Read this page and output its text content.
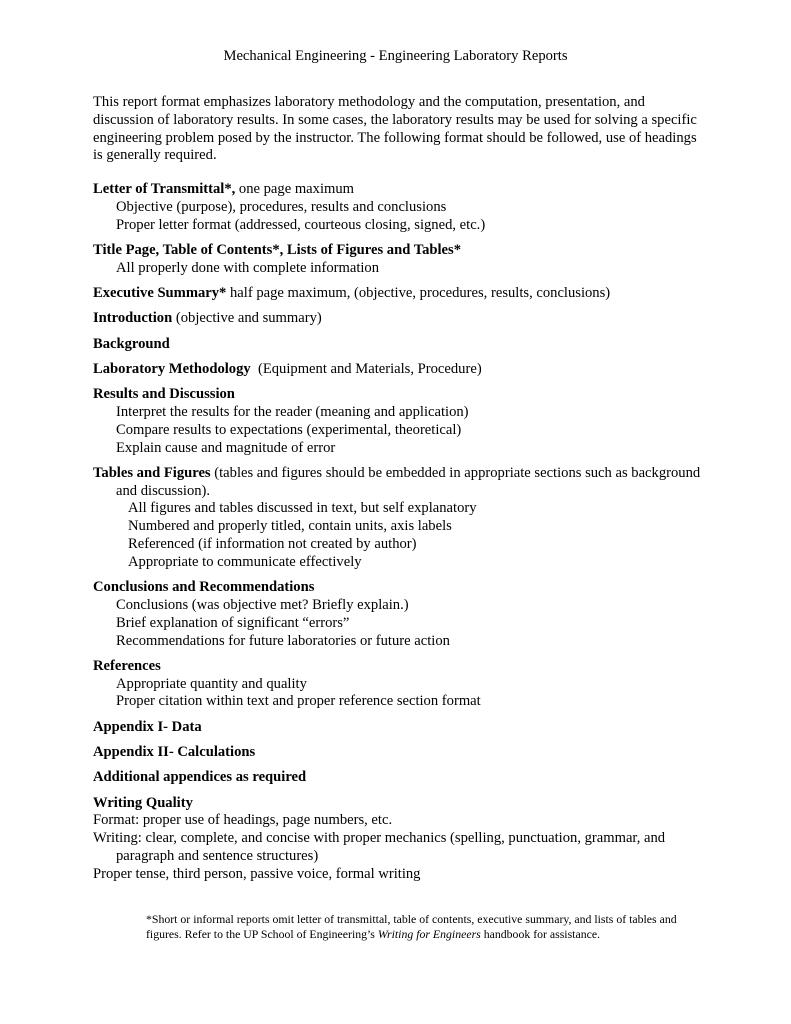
Mechanical Engineering - Engineering Laboratory Reports

This report format emphasizes laboratory methodology and the computation, presentation, and discussion of laboratory results. In some cases, the laboratory results may be used for solving a specific engineering problem posed by the instructor. The following format should be followed, use of headings is generally required.

Letter of Transmittal*, one page maximum
Objective (purpose), procedures, results and conclusions
Proper letter format (addressed, courteous closing, signed, etc.)
Title Page, Table of Contents*, Lists of Figures and Tables*
All properly done with complete information
Executive Summary* half page maximum, (objective, procedures, results, conclusions)
Introduction (objective and summary)
Background
Laboratory Methodology  (Equipment and Materials, Procedure)
Results and Discussion
Interpret the results for the reader (meaning and application)
Compare results to expectations (experimental, theoretical)
Explain cause and magnitude of error
Tables and Figures (tables and figures should be embedded in appropriate sections such as background and discussion).
All figures and tables discussed in text, but self explanatory
Numbered and properly titled, contain units, axis labels
Referenced (if information not created by author)
Appropriate to communicate effectively
Conclusions and Recommendations
Conclusions (was objective met? Briefly explain.)
Brief explanation of significant “errors”
Recommendations for future laboratories or future action
References
Appropriate quantity and quality
Proper citation within text and proper reference section format
Appendix I- Data
Appendix II- Calculations
Additional appendices as required
Writing Quality
Format: proper use of headings, page numbers, etc.
Writing: clear, complete, and concise with proper mechanics (spelling, punctuation, grammar, and paragraph and sentence structures)
Proper tense, third person, passive voice, formal writing

*Short or informal reports omit letter of transmittal, table of contents, executive summary, and lists of tables and figures. Refer to the UP School of Engineering’s Writing for Engineers handbook for assistance.
